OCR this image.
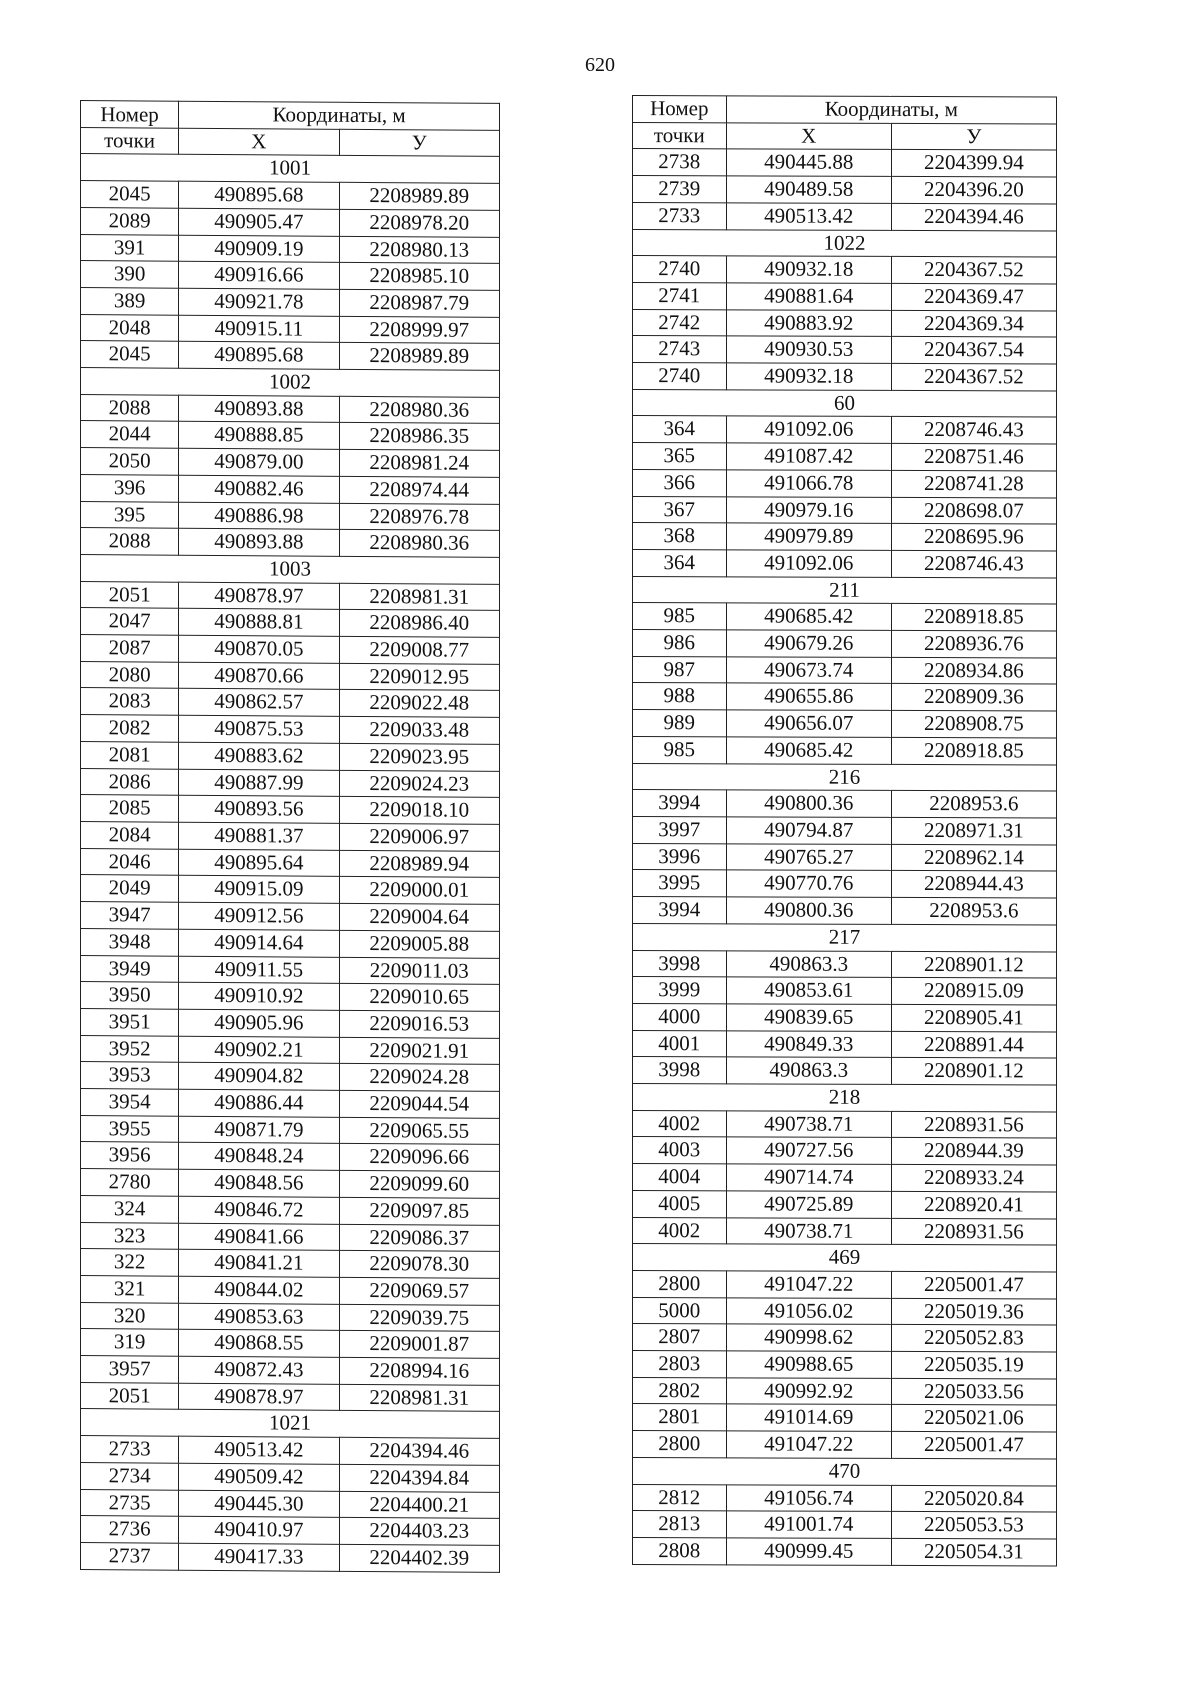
620
Номер	Координаты, м	
точки	X	У
1001		
2045	490895.68	2208989.89
2089	490905.47	2208978.20
391	490909.19	2208980.13
390	490916.66	2208985.10
389	490921.78	2208987.79
2048	490915.11	2208999.97
2045	490895.68	2208989.89
1002		
2088	490893.88	2208980.36
2044	490888.85	2208986.35
2050	490879.00	2208981.24
396	490882.46	2208974.44
395	490886.98	2208976.78
2088	490893.88	2208980.36
1003		
2051	490878.97	2208981.31
2047	490888.81	2208986.40
2087	490870.05	2209008.77
2080	490870.66	2209012.95
2083	490862.57	2209022.48
2082	490875.53	2209033.48
2081	490883.62	2209023.95
2086	490887.99	2209024.23
2085	490893.56	2209018.10
2084	490881.37	2209006.97
2046	490895.64	2208989.94
2049	490915.09	2209000.01
3947	490912.56	2209004.64
3948	490914.64	2209005.88
3949	490911.55	2209011.03
3950	490910.92	2209010.65
3951	490905.96	2209016.53
3952	490902.21	2209021.91
3953	490904.82	2209024.28
3954	490886.44	2209044.54
3955	490871.79	2209065.55
3956	490848.24	2209096.66
2780	490848.56	2209099.60
324	490846.72	2209097.85
323	490841.66	2209086.37
322	490841.21	2209078.30
321	490844.02	2209069.57
320	490853.63	2209039.75
319	490868.55	2209001.87
3957	490872.43	2208994.16
2051	490878.97	2208981.31
1021		
2733	490513.42	2204394.46
2734	490509.42	2204394.84
2735	490445.30	2204400.21
2736	490410.97	2204403.23
2737	490417.33	2204402.39
Номер	Координаты, м	
точки	X	У
2738	490445.88	2204399.94
2739	490489.58	2204396.20
2733	490513.42	2204394.46
1022		
2740	490932.18	2204367.52
2741	490881.64	2204369.47
2742	490883.92	2204369.34
2743	490930.53	2204367.54
2740	490932.18	2204367.52
60		
364	491092.06	2208746.43
365	491087.42	2208751.46
366	491066.78	2208741.28
367	490979.16	2208698.07
368	490979.89	2208695.96
364	491092.06	2208746.43
211		
985	490685.42	2208918.85
986	490679.26	2208936.76
987	490673.74	2208934.86
988	490655.86	2208909.36
989	490656.07	2208908.75
985	490685.42	2208918.85
216		
3994	490800.36	2208953.6
3997	490794.87	2208971.31
3996	490765.27	2208962.14
3995	490770.76	2208944.43
3994	490800.36	2208953.6
217		
3998	490863.3	2208901.12
3999	490853.61	2208915.09
4000	490839.65	2208905.41
4001	490849.33	2208891.44
3998	490863.3	2208901.12
218		
4002	490738.71	2208931.56
4003	490727.56	2208944.39
4004	490714.74	2208933.24
4005	490725.89	2208920.41
4002	490738.71	2208931.56
469		
2800	491047.22	2205001.47
5000	491056.02	2205019.36
2807	490998.62	2205052.83
2803	490988.65	2205035.19
2802	490992.92	2205033.56
2801	491014.69	2205021.06
2800	491047.22	2205001.47
470		
2812	491056.74	2205020.84
2813	491001.74	2205053.53
2808	490999.45	2205054.31
